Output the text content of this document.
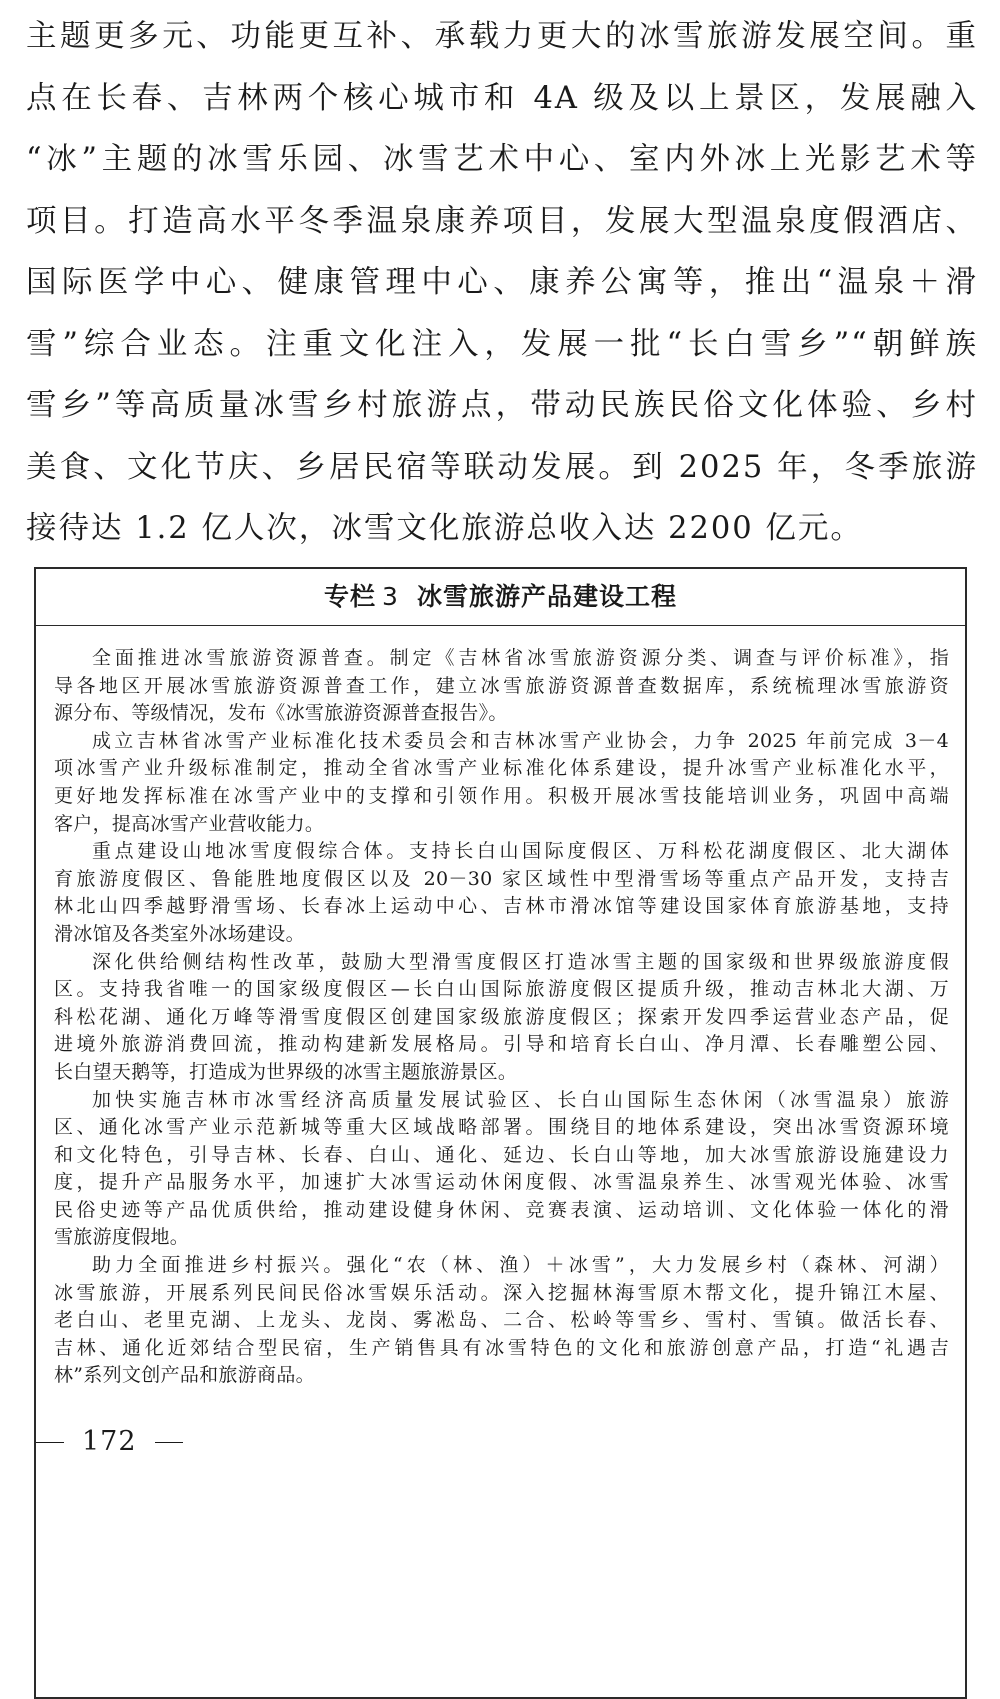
主题更多元、功能更互补、承载力更大的冰雪旅游发展空间。重
点在长春、吉林两个核心城市和 4A 级及以上景区，发展融入
“冰”主题的冰雪乐园、冰雪艺术中心、室内外冰上光影艺术等
项目。打造高水平冬季温泉康养项目，发展大型温泉度假酒店、
国际医学中心、健康管理中心、康养公寓等，推出“温泉＋滑
雪”综合业态。注重文化注入，发展一批“长白雪乡”“朝鲜族
雪乡”等高质量冰雪乡村旅游点，带动民族民俗文化体验、乡村
美食、文化节庆、乡居民宿等联动发展。到 2025 年，冬季旅游
接待达 1.2 亿人次，冰雪文化旅游总收入达 2200 亿元。
专栏 3 冰雪旅游产品建设工程
全面推进冰雪旅游资源普查。制定《吉林省冰雪旅游资源分类、调查与评价标准》，指
导各地区开展冰雪旅游资源普查工作，建立冰雪旅游资源普查数据库，系统梳理冰雪旅游资
源分布、等级情况，发布《冰雪旅游资源普查报告》。
成立吉林省冰雪产业标准化技术委员会和吉林冰雪产业协会，力争 2025 年前完成 3－4
项冰雪产业升级标准制定，推动全省冰雪产业标准化体系建设，提升冰雪产业标准化水平，
更好地发挥标准在冰雪产业中的支撑和引领作用。积极开展冰雪技能培训业务，巩固中高端
客户，提高冰雪产业营收能力。
重点建设山地冰雪度假综合体。支持长白山国际度假区、万科松花湖度假区、北大湖体
育旅游度假区、鲁能胜地度假区以及 20－30 家区域性中型滑雪场等重点产品开发，支持吉
林北山四季越野滑雪场、长春冰上运动中心、吉林市滑冰馆等建设国家体育旅游基地，支持
滑冰馆及各类室外冰场建设。
深化供给侧结构性改革，鼓励大型滑雪度假区打造冰雪主题的国家级和世界级旅游度假
区。支持我省唯一的国家级度假区—长白山国际旅游度假区提质升级，推动吉林北大湖、万
科松花湖、通化万峰等滑雪度假区创建国家级旅游度假区；探索开发四季运营业态产品，促
进境外旅游消费回流，推动构建新发展格局。引导和培育长白山、净月潭、长春雕塑公园、
长白望天鹅等，打造成为世界级的冰雪主题旅游景区。
加快实施吉林市冰雪经济高质量发展试验区、长白山国际生态休闲（冰雪温泉）旅游
区、通化冰雪产业示范新城等重大区域战略部署。围绕目的地体系建设，突出冰雪资源环境
和文化特色，引导吉林、长春、白山、通化、延边、长白山等地，加大冰雪旅游设施建设力
度，提升产品服务水平，加速扩大冰雪运动休闲度假、冰雪温泉养生、冰雪观光体验、冰雪
民俗史迹等产品优质供给，推动建设健身休闲、竞赛表演、运动培训、文化体验一体化的滑
雪旅游度假地。
助力全面推进乡村振兴。强化“农（林、渔）＋冰雪”，大力发展乡村（森林、河湖）
冰雪旅游，开展系列民间民俗冰雪娱乐活动。深入挖掘林海雪原木帮文化，提升锦江木屋、
老白山、老里克湖、上龙头、龙岗、雾凇岛、二合、松岭等雪乡、雪村、雪镇。做活长春、
吉林、通化近郊结合型民宿，生产销售具有冰雪特色的文化和旅游创意产品，打造“礼遇吉
林”系列文创产品和旅游商品。
172
